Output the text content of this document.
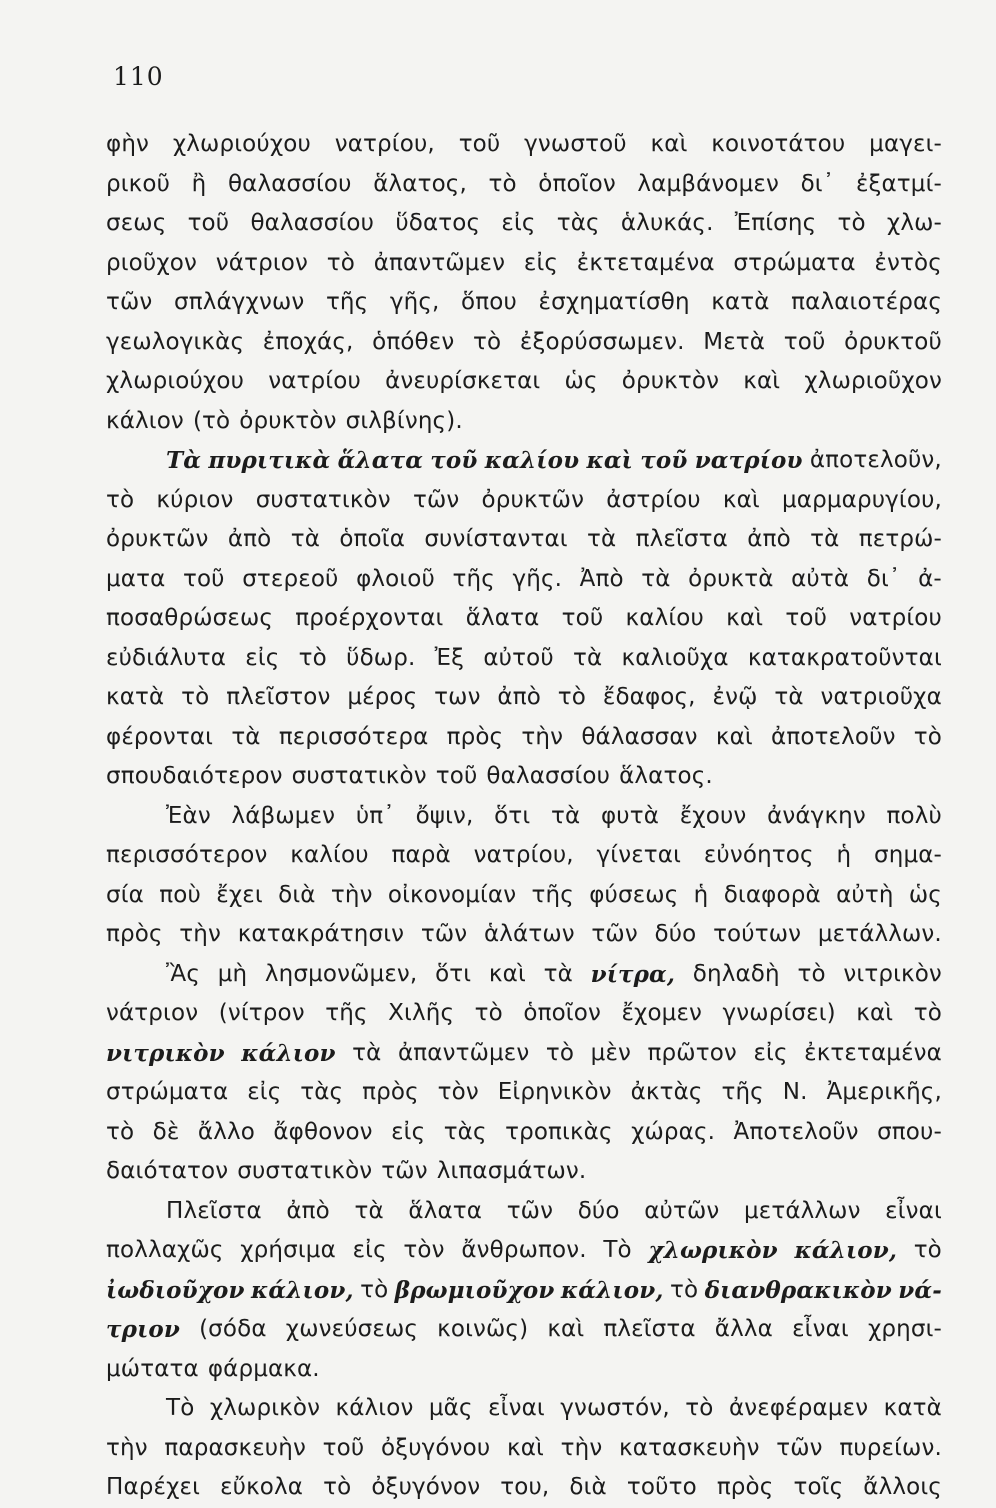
110
φὴν χλωριούχου νατρίου, τοῦ γνωστοῦ καὶ κοινοτάτου μαγει-
ρικοῦ ἢ θαλασσίου ἅλατος, τὸ ὁποῖον λαμβάνομεν δι᾽ ἐξατμί-
σεως τοῦ θαλασσίου ὕδατος εἰς τὰς ἁλυκάς. Ἐπίσης τὸ χλω-
ριοῦχον νάτριον τὸ ἀπαντῶμεν εἰς ἐκτεταμένα στρώματα ἐντὸς
τῶν σπλάγχνων τῆς γῆς, ὅπου ἐσχηματίσθη κατὰ παλαιοτέρας
γεωλογικὰς ἐποχάς, ὁπόθεν τὸ ἐξορύσσωμεν. Μετὰ τοῦ ὀρυκτοῦ
χλωριούχου νατρίου ἀνευρίσκεται ὡς ὀρυκτὸν καὶ χλωριοῦχον
κάλιον (τὸ ὀρυκτὸν σιλβίνης).
Τὰ πυριτικὰ ἅλατα τοῦ καλίου καὶ τοῦ νατρίου ἀποτελοῦν,
τὸ κύριον συστατικὸν τῶν ὀρυκτῶν ἀστρίου καὶ μαρμαρυγίου,
ὀρυκτῶν ἀπὸ τὰ ὁποῖα συνίστανται τὰ πλεῖστα ἀπὸ τὰ πετρώ-
ματα τοῦ στερεοῦ φλοιοῦ τῆς γῆς. Ἀπὸ τὰ ὀρυκτὰ αὐτὰ δι᾽ ἀ-
ποσαθρώσεως προέρχονται ἅλατα τοῦ καλίου καὶ τοῦ νατρίου
εὐδιάλυτα εἰς τὸ ὕδωρ. Ἐξ αὐτοῦ τὰ καλιοῦχα κατακρατοῦνται
κατὰ τὸ πλεῖστον μέρος των ἀπὸ τὸ ἔδαφος, ἐνῷ τὰ νατριοῦχα
φέρονται τὰ περισσότερα πρὸς τὴν θάλασσαν καὶ ἀποτελοῦν τὸ
σπουδαιότερον συστατικὸν τοῦ θαλασσίου ἅλατος.
Ἐὰν λάβωμεν ὑπ᾽ ὄψιν, ὅτι τὰ φυτὰ ἔχουν ἀνάγκην πολὺ
περισσότερον καλίου παρὰ νατρίου, γίνεται εὐνόητος ἡ σημα-
σία ποὺ ἔχει διὰ τὴν οἰκονομίαν τῆς φύσεως ἡ διαφορὰ αὐτὴ ὡς
πρὸς τὴν κατακράτησιν τῶν ἁλάτων τῶν δύο τούτων μετάλλων.
Ἂς μὴ λησμονῶμεν, ὅτι καὶ τὰ νίτρα, δηλαδὴ τὸ νιτρικὸν
νάτριον (νίτρον τῆς Χιλῆς τὸ ὁποῖον ἔχομεν γνωρίσει) καὶ τὸ
νιτρικὸν κάλιον τὰ ἀπαντῶμεν τὸ μὲν πρῶτον εἰς ἐκτεταμένα
στρώματα εἰς τὰς πρὸς τὸν Εἰρηνικὸν ἀκτὰς τῆς Ν. Ἀμερικῆς,
τὸ δὲ ἄλλο ἄφθονον εἰς τὰς τροπικὰς χώρας. Ἀποτελοῦν σπου-
δαιότατον συστατικὸν τῶν λιπασμάτων.
Πλεῖστα ἀπὸ τὰ ἅλατα τῶν δύο αὐτῶν μετάλλων εἶναι
πολλαχῶς χρήσιμα εἰς τὸν ἄνθρωπον. Τὸ χλωρικὸν κάλιον, τὸ
ἰωδιοῦχον κάλιον, τὸ βρωμιοῦχον κάλιον, τὸ διανθρακικὸν νά-
τριον (σόδα χωνεύσεως κοινῶς) καὶ πλεῖστα ἄλλα εἶναι χρησι-
μώτατα φάρμακα.
Τὸ χλωρικὸν κάλιον μᾶς εἶναι γνωστόν, τὸ ἀνεφέραμεν κατὰ
τὴν παρασκευὴν τοῦ ὀξυγόνου καὶ τὴν κατασκευὴν τῶν πυρείων.
Παρέχει εὔκολα τὸ ὀξυγόνον του, διὰ τοῦτο πρὸς τοῖς ἄλλοις
